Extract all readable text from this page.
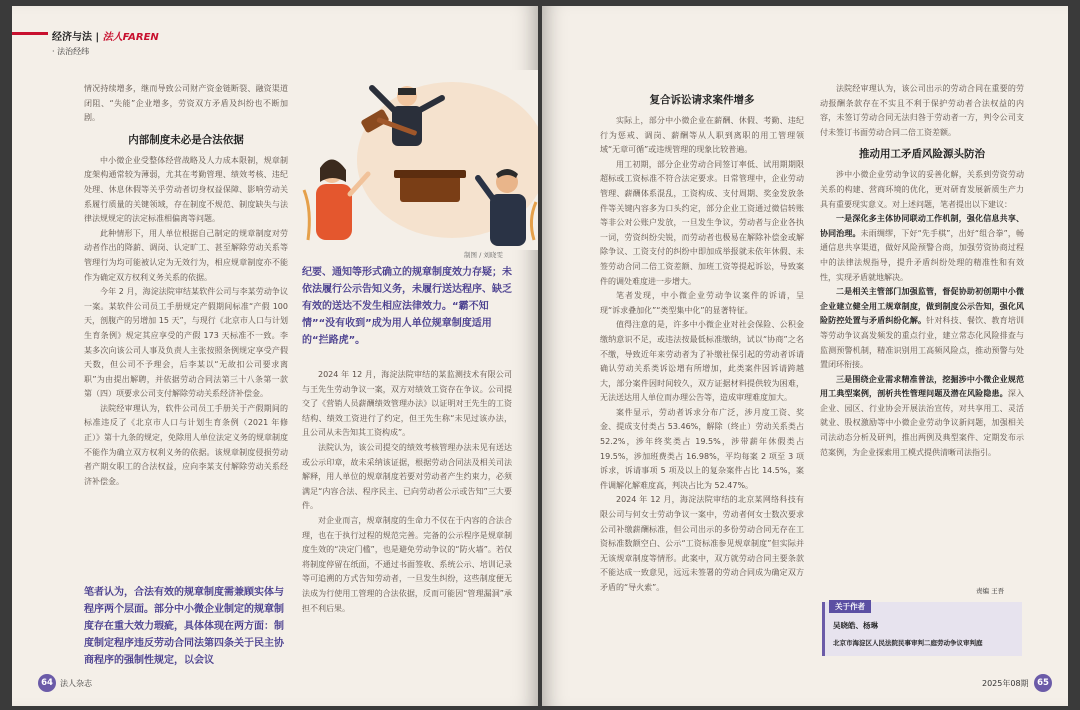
经济与法 | 法人FAREN
· 法治经纬

情况持续增多，继而导致公司财产资金链断裂、融资渠道闭阻、“失能”企业增多，劳资双方矛盾及纠纷也不断加剧。

内部制度未必是合法依据

中小微企业受整体经营战略及人力成本限制，规章制度架构通常较为薄弱，尤其在考勤管理、绩效考核、违纪处理、休息休假等关乎劳动者切身权益保障、影响劳动关系履行质量的关键领域，存在制度不规范、制度缺失与法律法规规定的法定标准相偏离等问题。

此种情形下，用人单位根据自己制定的规章制度对劳动者作出的降薪、调岗、认定旷工、甚至解除劳动关系等管理行为均可能被认定为无效行为，相应规章制度亦不能作为确定双方权利义务关系的依据。

今年 2 月，海淀法院审结某软件公司与李某劳动争议一案。某软件公司员工手册规定产假期间标准“产假 100 天，剖腹产的另增加 15 天”，与现行《北京市人口与计划生育条例》规定其应享受的产假 173 天标准不一致。李某多次向该公司人事及负责人主张按照条例规定享受产假天数，但公司不予理会，后李某以“无故扣公司要求离职”为由提出解聘，并依据劳动合同法第三十八条第一款第（四）项要求公司支付解除劳动关系经济补偿金。

法院经审理认为，软件公司员工手册关于产假期间的标准违反了《北京市人口与计划生育条例（2021 年修正）》第十九条的规定，免除用人单位法定义务的规章制度不能作为确立双方权利义务的依据。该规章制度侵损劳动者产期女职工的合法权益，应向李某支付解除劳动关系经济补偿金。

笔者认为，合法有效的规章制度需兼顾实体与程序两个层面。部分中小微企业制定的规章制度存在重大效力瑕疵，具体体现在两方面：制度制定程序违反劳动合同法第四条关于民主协商程序的强制性规定，以会议
制图 / 刘晓雯
纪要、通知等形式确立的规章制度效力存疑；未依法履行公示告知义务，未履行送达程序、缺乏有效的送达不发生相应法律效力。“霸不知情”“没有收到”成为用人单位规章制度适用的“拦路虎”。

2024 年 12 月，海淀法院审结的某监测技术有限公司与王先生劳动争议一案，双方对绩效工资存在争议。公司提交了《营销人员薪酬绩效管理办法》以证明对王先生的工资结构、绩效工资进行了约定，但王先生称“未见过该办法，且公司从未告知其工资构成”。

法院认为，该公司提交的绩效考核管理办法未见有送达或公示印章，故未采纳该证据，根据劳动合同法及相关司法解释，用人单位的规章制度若要对劳动者产生约束力，必须满足“内容合法、程序民主、已向劳动者公示或告知”三大要件。

对企业而言，规章制度的生命力不仅在于内容的合法合理，也在于执行过程的规范完善。完备的公示程序是规章制度生效的“决定门槛”，也是避免劳动争议的“防火墙”。若仅将制度停留在纸面，不通过书面签收、系统公示、培训记录等可追溯的方式告知劳动者，一旦发生纠纷，这些制度便无法成为行使用工管理的合法依据，反而可能因“管理漏洞”承担不利后果。

64 法人杂志
复合诉讼请求案件增多

实际上，部分中小微企业在薪酬、休假、考勤、违纪行为惩戒、调岗、薪酬等从人职到离职的用工管理领域“无章可循”或违规管理的现象比较普遍。

用工初期，部分企业劳动合同签订率低、试用期期限超标或工资标准不符合法定要求。日常管理中，企业劳动管理、薪酬体系混乱，工资构成、支付周期、奖金发放条件等关键内容多为口头约定，部分企业工资通过微信转账等非公对公账户发放，一旦发生争议，劳动者与企业各执一词，劳资纠纷尖锐，而劳动者也极易在解除补偿金或解除争议、工资支付的纠纷中即加成举报就未依年休假、未签劳动合同二倍工资差额、加班工资等提起诉讼，导致案件的调处难度进一步增大。

笔者发现，中小微企业劳动争议案件的诉请，呈现“诉求叠加化”“类型集中化”的显著特征。

值得注意的是，许多中小微企业对社会保险、公积金缴纳意识不足，或违法按最低标准缴纳，试以“协商”之名不缴，导致近年来劳动者为了补缴社保引起的劳动者诉请确认劳动关系类诉讼增有所增加，此类案件因诉请跨越大，部分案件因时间较久，双方证据材料提供较为困难，无法送达用人单位而办理公告等，造成审理难度加大。

案件显示，劳动者诉求分布广泛，涉月度工资、奖金、提成支付类占 53.46%，解除（终止）劳动关系类占 52.2%，涉年终奖类占 19.5%，涉带薪年休假类占 19.5%，涉加班费类占 16.98%，平均每案 2 项至 3 项诉求，诉请事项 5 项及以上的复杂案件占比 14.5%，案件调解化解难度高，判决占比为 52.47%。

2024 年 12 月，海淀法院审结的北京某网络科技有限公司与何女士劳动争议一案中，劳动者何女士数次要求公司补缴薪酬标准，但公司出示的多份劳动合同无存在工资标准数额空白、公示“工资标准参见规章制度”但实际并无该规章制度等情形。此案中，双方就劳动合同主要条款不能达成一致意见，远远未签署的劳动合同成为确定双方矛盾的“导火索”。

法院经审理认为，该公司出示的劳动合同在重要的劳动报酬条款存在不实且不利于保护劳动者合法权益的内容，未签订劳动合同无法归咎于劳动者一方，判令公司支付未签订书面劳动合同二倍工资差额。

推动用工矛盾风险源头防治

涉中小微企业劳动争议的妥善化解，关系到劳资劳动关系的构建、营商环境的优化，更对研育发展新质生产力具有重要现实意义。对上述问题，笔者提出以下建议：

一是深化多主体协同联动工作机制，强化信息共享、协同治理。未雨绸缪，下好“先手棋”，出好“组合拳”，畅通信息共享渠道，做好风险预警合商，加强劳资协商过程中的法律法规指导，提升矛盾纠纷处理的精准性和有效性，实现矛盾就地解决。

二是相关主管部门加强监管，督促协助初创期中小微企业建立健全用工规章制度，做到制度公示告知，强化风险防控处置与矛盾纠纷化解。针对科技、餐饮、教育培训等劳动争议高发频发的重点行业，建立常态化风险排查与监测预警机制，精准识别用工高频风险点，推动预警与处置闭环衔接。

三是围绕企业需求精准普法，挖掘涉中小微企业规范用工典型案例，剖析共性管理问题及潜在风险隐患。深入企业、园区、行业协会开展法治宣传，对共享用工、灵活就业、股权激励等中小微企业劳动争议新问题，加强相关司法动态分析及研判，推出两例及典型案件、定期发布示范案例，为企业探索用工模式提供清晰司法指引。

责编 王吾
关于作者
吴晓皓、杨琳
北京市海淀区人民法院民事审判二庭劳动争议审判庭
2025年08期	65
